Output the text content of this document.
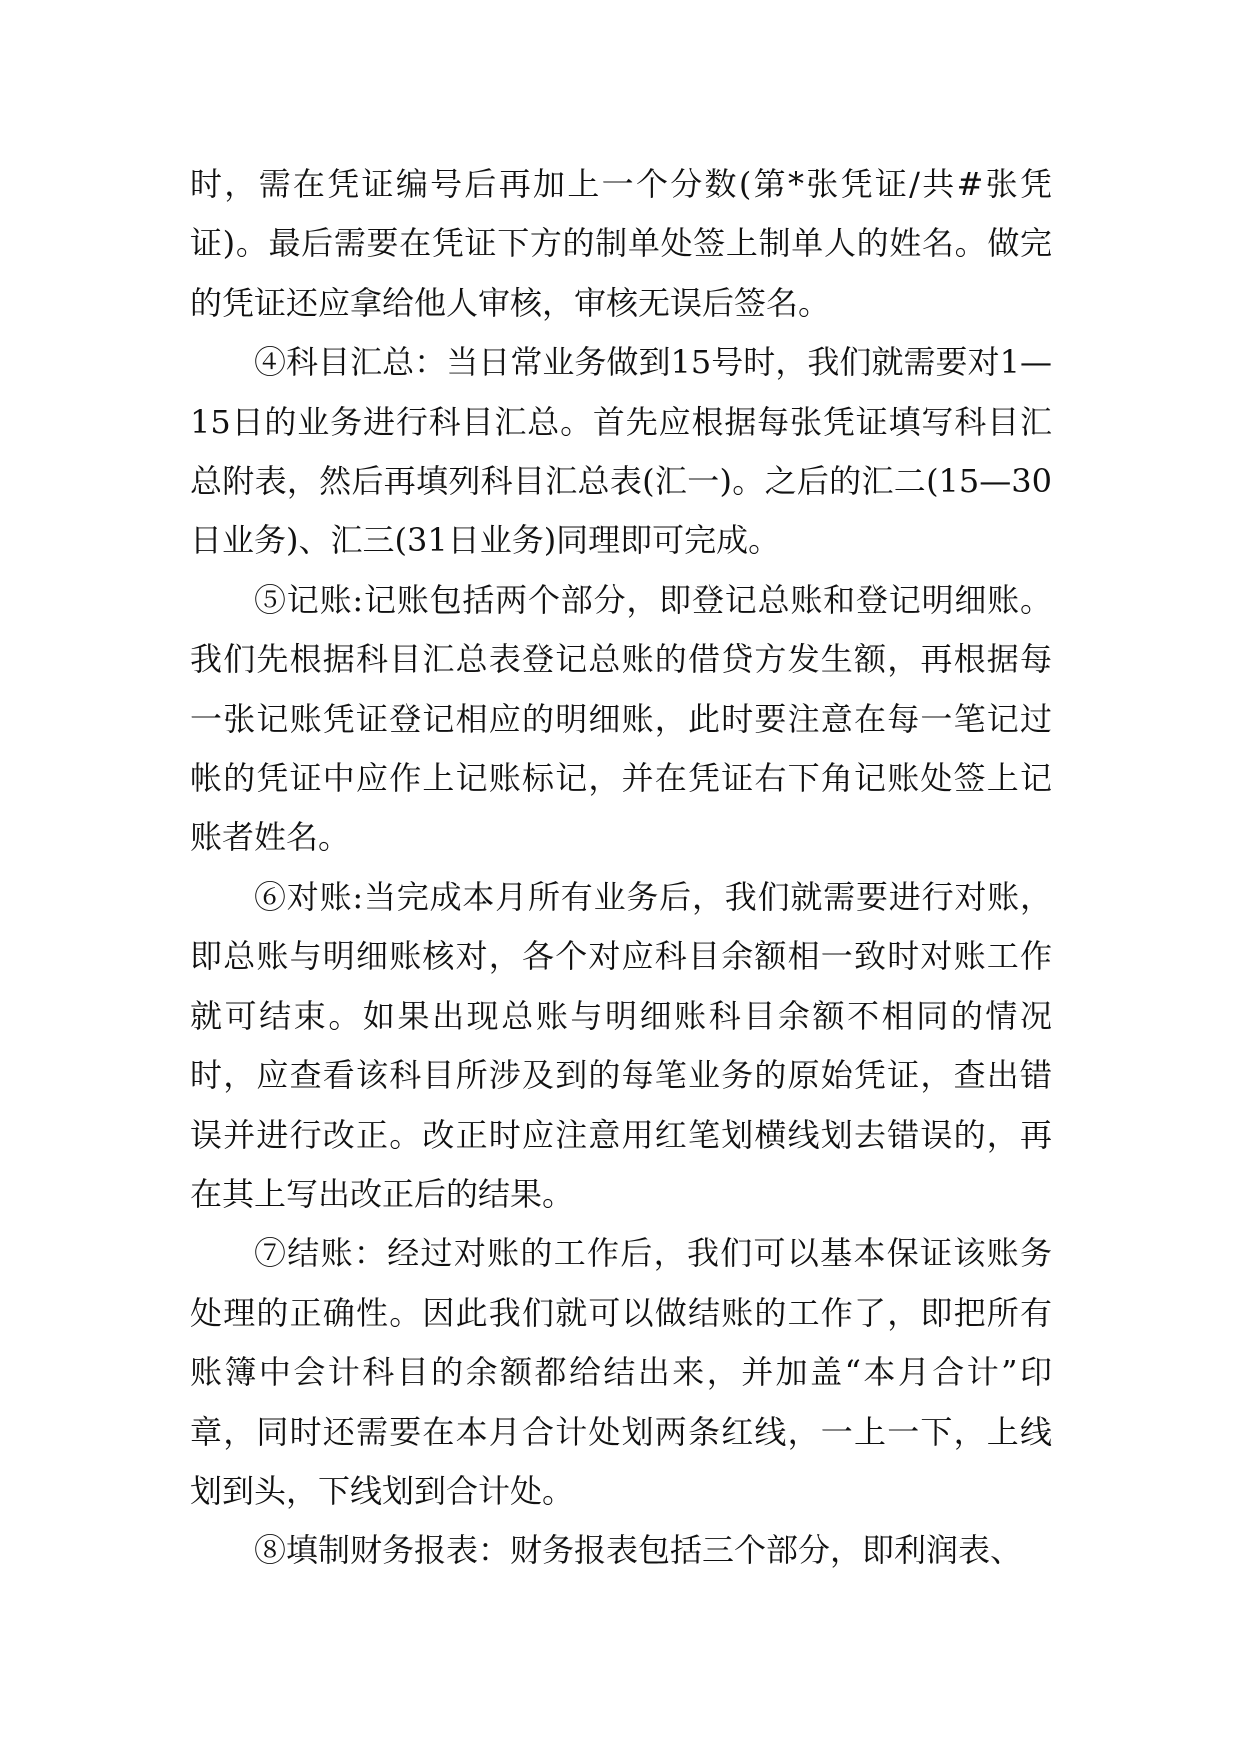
时，需在凭证编号后再加上一个分数(第*张凭证/共#张凭证)。最后需要在凭证下方的制单处签上制单人的姓名。做完的凭证还应拿给他人审核，审核无误后签名。

④科目汇总：当日常业务做到15号时，我们就需要对1—15日的业务进行科目汇总。首先应根据每张凭证填写科目汇总附表，然后再填列科目汇总表(汇一)。之后的汇二(15—30日业务)、汇三(31日业务)同理即可完成。

⑤记账:记账包括两个部分，即登记总账和登记明细账。我们先根据科目汇总表登记总账的借贷方发生额，再根据每一张记账凭证登记相应的明细账，此时要注意在每一笔记过帐的凭证中应作上记账标记，并在凭证右下角记账处签上记账者姓名。

⑥对账:当完成本月所有业务后，我们就需要进行对账，即总账与明细账核对，各个对应科目余额相一致时对账工作就可结束。如果出现总账与明细账科目余额不相同的情况时，应查看该科目所涉及到的每笔业务的原始凭证，查出错误并进行改正。改正时应注意用红笔划横线划去错误的，再在其上写出改正后的结果。

⑦结账：经过对账的工作后，我们可以基本保证该账务处理的正确性。因此我们就可以做结账的工作了，即把所有账簿中会计科目的余额都给结出来，并加盖“本月合计”印章，同时还需要在本月合计处划两条红线，一上一下，上线划到头，下线划到合计处。

⑧填制财务报表：财务报表包括三个部分，即利润表、
